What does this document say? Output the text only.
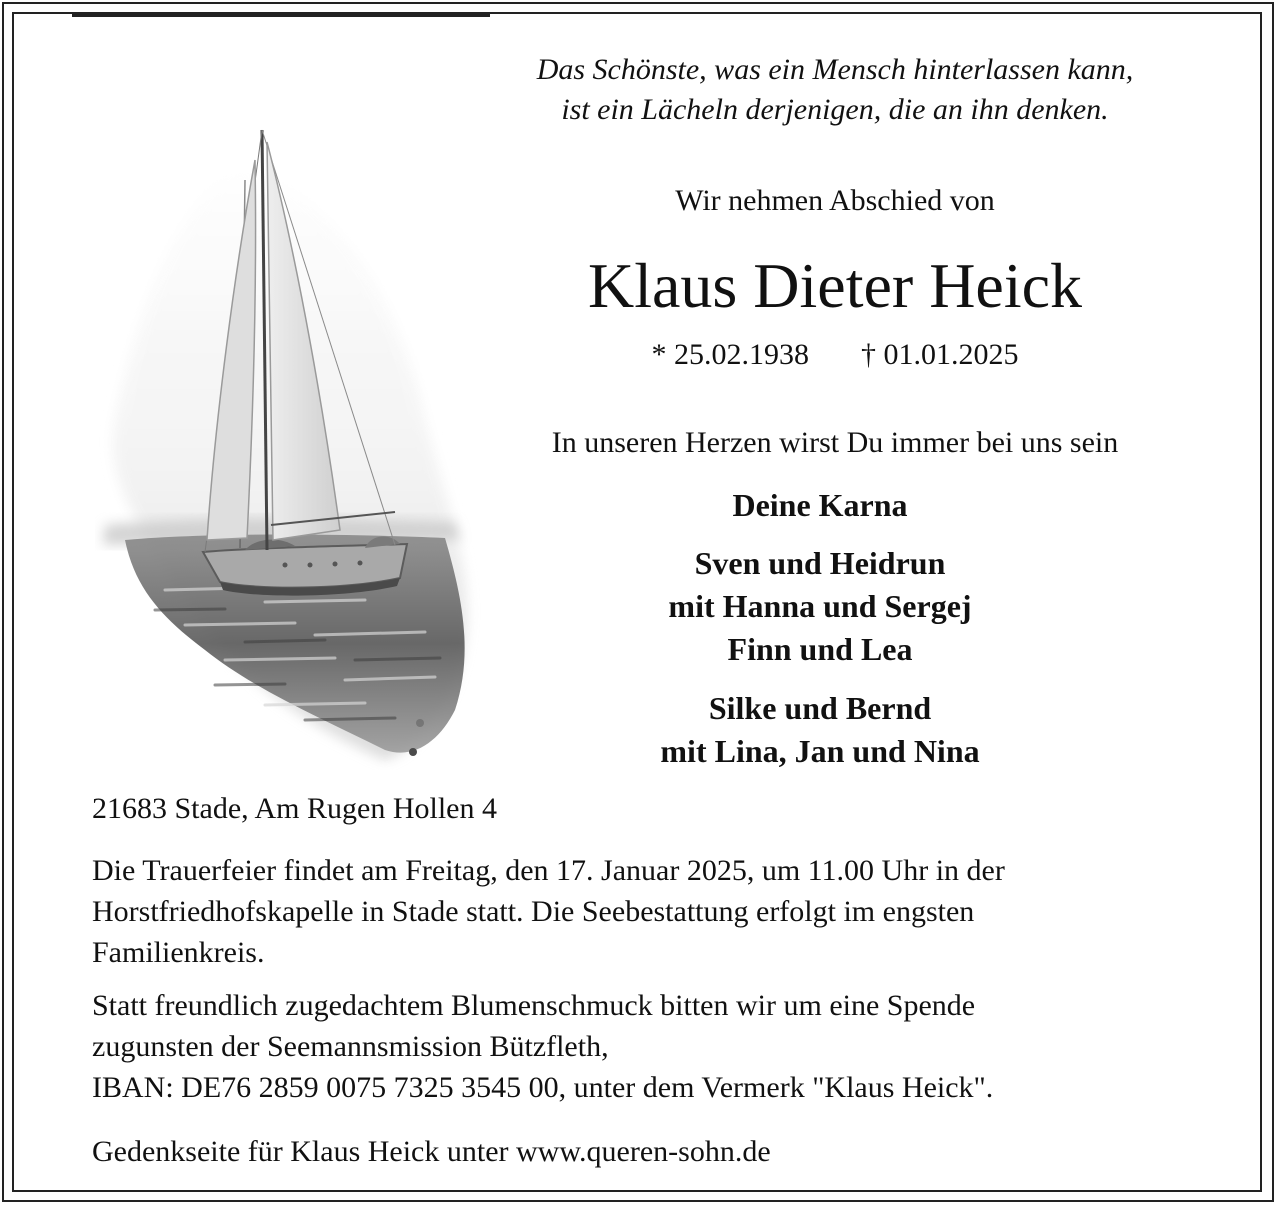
Das Schönste, was ein Mensch hinterlassen kann,
ist ein Lächeln derjenigen, die an ihn denken.
Wir nehmen Abschied von
Klaus Dieter Heick
* 25.02.1938 † 01.01.2025
In unseren Herzen wirst Du immer bei uns sein
Deine Karna
Sven und Heidrun
mit Hanna und Sergej
Finn und Lea
Silke und Bernd
mit Lina, Jan und Nina
21683 Stade, Am Rugen Hollen 4
Die Trauerfeier findet am Freitag, den 17. Januar 2025, um 11.00 Uhr in der
Horstfriedhofskapelle in Stade statt. Die Seebestattung erfolgt im engsten
Familienkreis.
Statt freundlich zugedachtem Blumenschmuck bitten wir um eine Spende
zugunsten der Seemannsmission Bützfleth,
IBAN: DE76 2859 0075 7325 3545 00, unter dem Vermerk "Klaus Heick".
Gedenkseite für Klaus Heick unter www.queren-sohn.de
